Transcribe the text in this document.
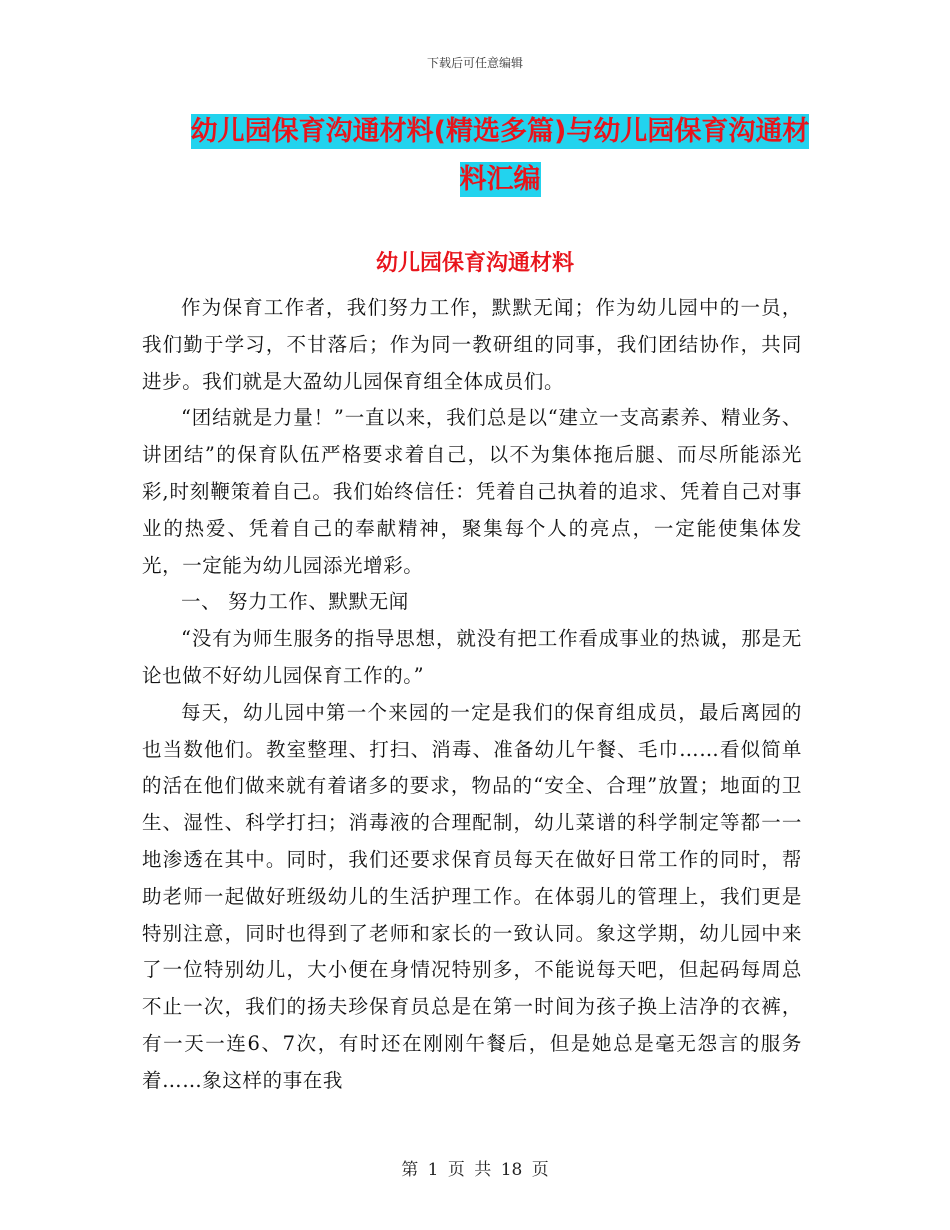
下载后可任意编辑
幼儿园保育沟通材料(精选多篇)与幼儿园保育沟通材
料汇编
幼儿园保育沟通材料

作为保育工作者，我们努力工作，默默无闻；作为幼儿园中的一员，我们勤于学习，不甘落后；作为同一教研组的同事，我们团结协作，共同进步。我们就是大盈幼儿园保育组全体成员们。

“团结就是力量！”一直以来，我们总是以“建立一支高素养、精业务、讲团结”的保育队伍严格要求着自己，以不为集体拖后腿、而尽所能添光彩,时刻鞭策着自己。我们始终信任：凭着自己执着的追求、凭着自己对事业的热爱、凭着自己的奉献精神，聚集每个人的亮点，一定能使集体发光，一定能为幼儿园添光增彩。

一、 努力工作、默默无闻

“没有为师生服务的指导思想，就没有把工作看成事业的热诚，那是无论也做不好幼儿园保育工作的。”

每天，幼儿园中第一个来园的一定是我们的保育组成员，最后离园的也当数他们。教室整理、打扫、消毒、准备幼儿午餐、毛巾……看似简单的活在他们做来就有着诸多的要求，物品的“安全、合理”放置；地面的卫生、湿性、科学打扫；消毒液的合理配制，幼儿菜谱的科学制定等都一一地渗透在其中。同时，我们还要求保育员每天在做好日常工作的同时，帮助老师一起做好班级幼儿的生活护理工作。在体弱儿的管理上，我们更是特别注意，同时也得到了老师和家长的一致认同。象这学期，幼儿园中来了一位特别幼儿，大小便在身情况特别多，不能说每天吧，但起码每周总不止一次，我们的扬夫珍保育员总是在第一时间为孩子换上洁净的衣裤，有一天一连6、7次，有时还在刚刚午餐后，但是她总是毫无怨言的服务着……象这样的事在我

第 1 页 共 18 页
